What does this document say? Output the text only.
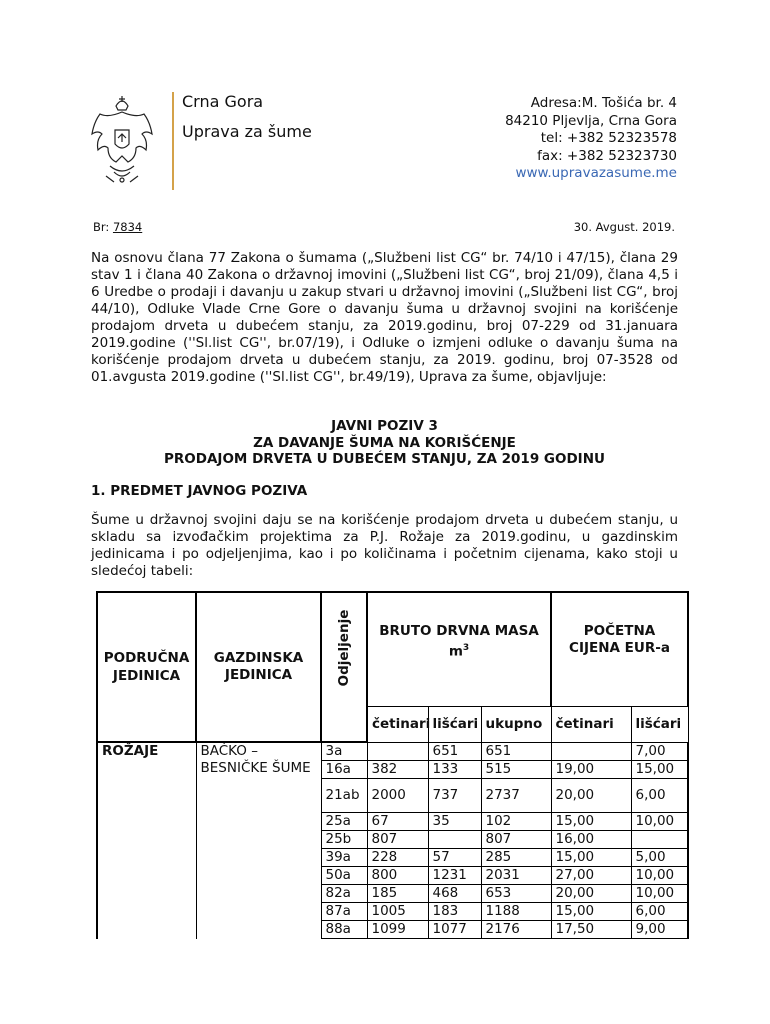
Crna Gora
Uprava za šume
Adresa:M. Tošića br. 4
84210 Pljevlja, Crna Gora
tel: +382 52323578
fax: +382 52323730
www.upravazasume.me
Br: 7834	30. Avgust. 2019.
Na osnovu člana 77 Zakona o šumama („Službeni list CG“ br. 74/10 i 47/15), člana 29 stav 1 i člana 40 Zakona o državnoj imovini („Službeni list CG“, broj 21/09), člana 4,5 i 6 Uredbe o prodaji i davanju u zakup stvari u državnoj imovini („Službeni list CG“, broj 44/10), Odluke Vlade Crne Gore o davanju šuma u državnoj svojini na korišćenje prodajom drveta u dubećem stanju, za 2019.godinu, broj 07-229 od 31.januara 2019.godine (''Sl.list CG'', br.07/19), i Odluke o izmjeni odluke o davanju šuma na korišćenje prodajom drveta u dubećem stanju, za 2019. godinu, broj 07-3528 od 01.avgusta 2019.godine (''Sl.list CG'', br.49/19), Uprava za šume, objavljuje:
JAVNI POZIV 3
ZA DAVANJE ŠUMA NA KORIŠĆENJE
PRODAJOM DRVETA U DUBEĆEM STANJU, ZA 2019 GODINU
1. PREDMET JAVNOG POZIVA
Šume u državnoj svojini daju se na korišćenje prodajom drveta u dubećem stanju, u skladu sa izvođačkim projektima za P.J. Rožaje za 2019.godinu, u gazdinskim jedinicama i po odjeljenjima, kao i po količinama i početnim cijenama, kako stoji u sledećoj tabeli:
PODRUČNA JEDINICA	GAZDINSKA JEDINICA	Odjeljenje	BRUTO DRVNA MASA
$m^3$			POČETNA CIJENA EUR-a	
			četinari	lišćari	ukupno	četinari	lišćari
ROŽAJE	BAĆKO – BESNIČKE ŠUME	3a		651	651		7,00
		16a	382	133	515	19,00	15,00
		21ab	2000	737	2737	20,00	6,00
		25a	67	35	102	15,00	10,00
		25b	807		807	16,00	
		39a	228	57	285	15,00	5,00
		50a	800	1231	2031	27,00	10,00
		82a	185	468	653	20,00	10,00
		87a	1005	183	1188	15,00	6,00
		88a	1099	1077	2176	17,50	9,00
